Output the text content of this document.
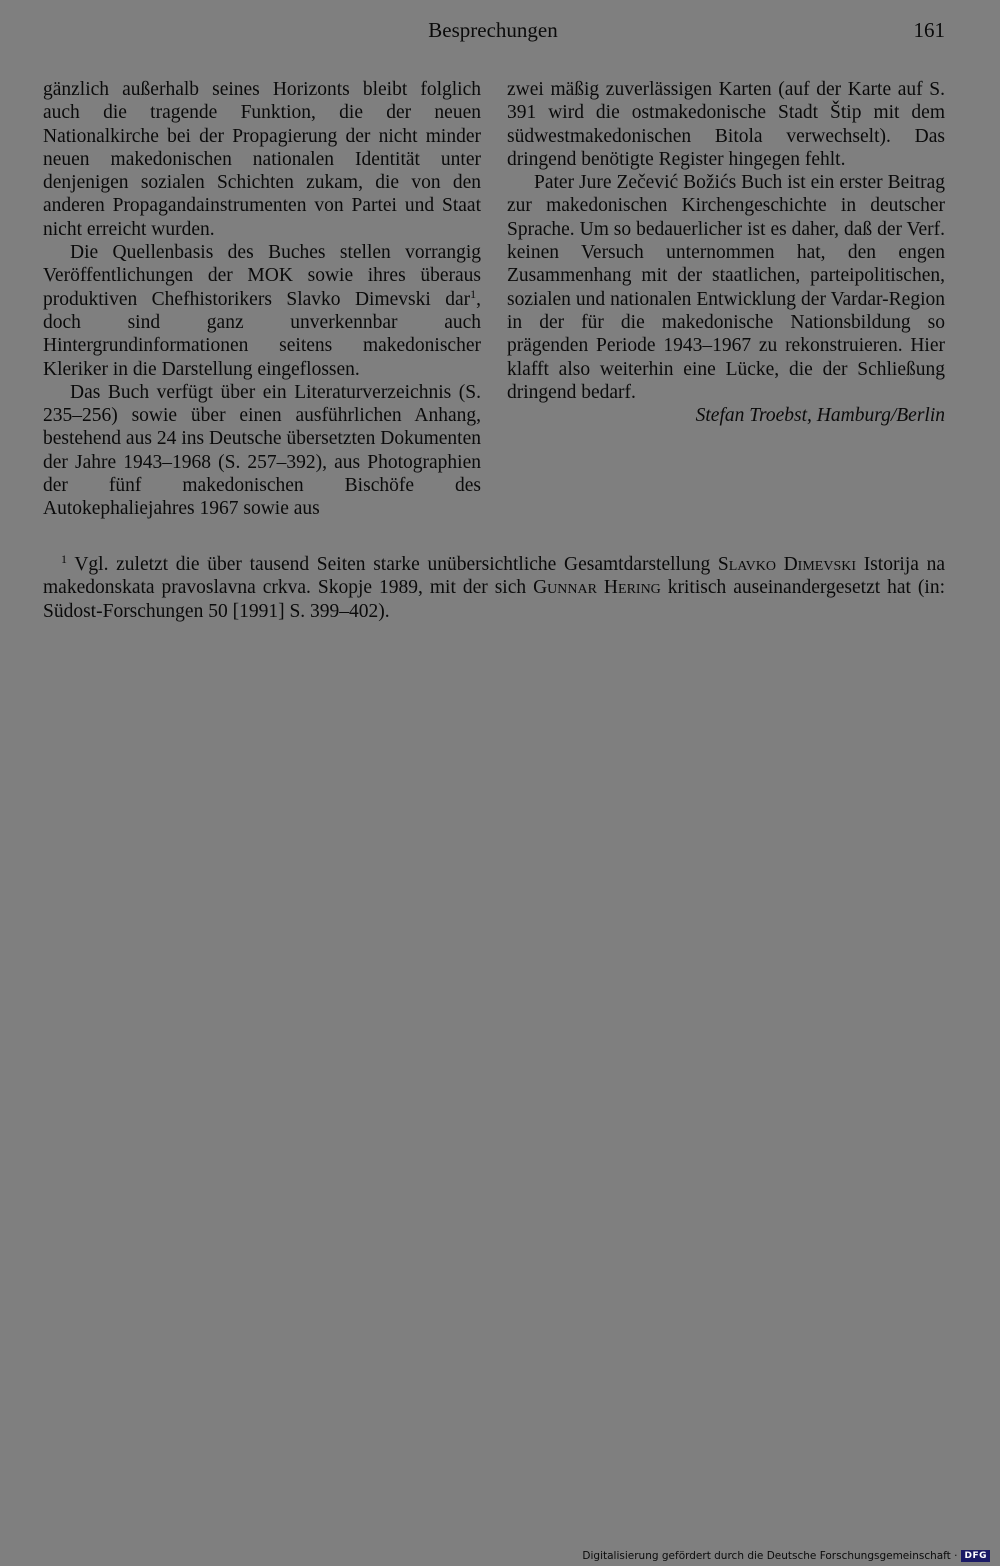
Besprechungen	161

gänzlich außerhalb seines Horizonts bleibt folglich auch die tragende Funktion, die der neuen Nationalkirche bei der Propagierung der nicht minder neuen makedonischen nationalen Identität unter denjenigen sozialen Schichten zukam, die von den anderen Propagandainstrumenten von Partei und Staat nicht erreicht wurden.

Die Quellenbasis des Buches stellen vorrangig Veröffentlichungen der MOK sowie ihres überaus produktiven Chefhistorikers Slavko Dimevski dar$^1$, doch sind ganz unverkennbar auch Hintergrundinformationen seitens makedonischer Kleriker in die Darstellung eingeflossen.

Das Buch verfügt über ein Literaturverzeichnis (S. 235–256) sowie über einen ausführlichen Anhang, bestehend aus 24 ins Deutsche übersetzten Dokumenten der Jahre 1943–1968 (S. 257–392), aus Photographien der fünf makedonischen Bischöfe des Autokephaliejahres 1967 sowie aus

zwei mäßig zuverlässigen Karten (auf der Karte auf S. 391 wird die ostmakedonische Stadt Štip mit dem südwestmakedonischen Bitola verwechselt). Das dringend benötigte Register hingegen fehlt.

Pater Jure Zečević Božićs Buch ist ein erster Beitrag zur makedonischen Kirchengeschichte in deutscher Sprache. Um so bedauerlicher ist es daher, daß der Verf. keinen Versuch unternommen hat, den engen Zusammenhang mit der staatlichen, parteipolitischen, sozialen und nationalen Entwicklung der Vardar-Region in der für die makedonische Nationsbildung so prägenden Periode 1943–1967 zu rekonstruieren. Hier klafft also weiterhin eine Lücke, die der Schließung dringend bedarf.

Stefan Troebst, Hamburg/Berlin

$^1$ Vgl. zuletzt die über tausend Seiten starke unübersichtliche Gesamtdarstellung Slavko Dimevski Istorija na makedonskata pravoslavna crkva. Skopje 1989, mit der sich Gunnar Hering kritisch auseinandergesetzt hat (in: Südost-Forschungen 50 [1991] S. 399–402).

Digitalisierung gefördert durch die Deutsche Forschungsgemeinschaft · DFG
